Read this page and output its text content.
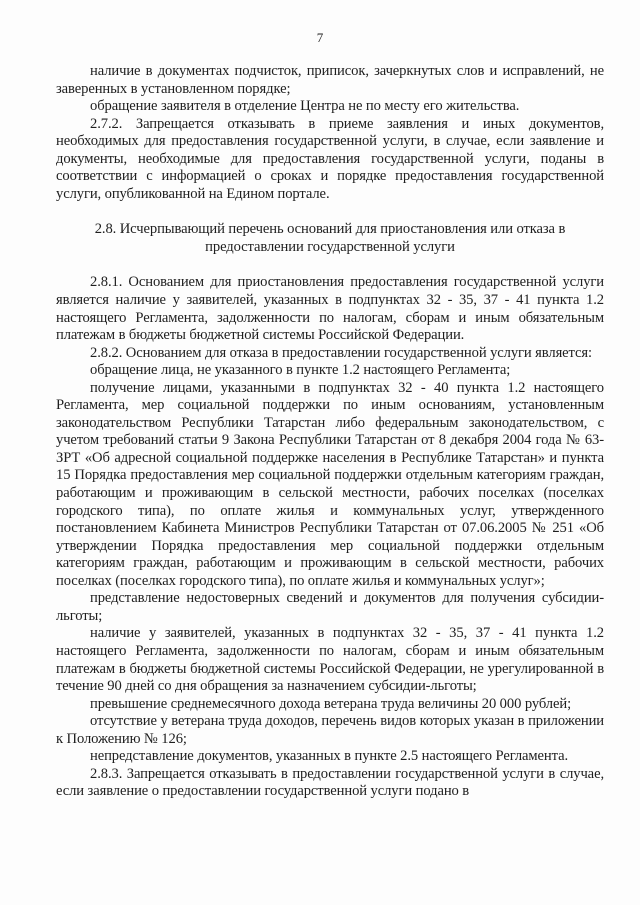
7

наличие в документах подчисток, приписок, зачеркнутых слов и исправлений, не заверенных в установленном порядке;

обращение заявителя в отделение Центра не по месту его жительства.

2.7.2. Запрещается отказывать в приеме заявления и иных документов, необходимых для предоставления государственной услуги, в случае, если заявление и документы, необходимые для предоставления государственной услуги, поданы в соответствии с информацией о сроках и порядке предоставления государственной услуги, опубликованной на Едином портале.

2.8. Исчерпывающий перечень оснований для приостановления или отказа в предоставлении государственной услуги

2.8.1. Основанием для приостановления предоставления государственной услуги является наличие у заявителей, указанных в подпунктах 32 - 35, 37 - 41 пункта 1.2 настоящего Регламента, задолженности по налогам, сборам и иным обязательным платежам в бюджеты бюджетной системы Российской Федерации.

2.8.2. Основанием для отказа в предоставлении государственной услуги является:

обращение лица, не указанного в пункте 1.2 настоящего Регламента;

получение лицами, указанными в подпунктах 32 - 40 пункта 1.2 настоящего Регламента, мер социальной поддержки по иным основаниям, установленным законодательством Республики Татарстан либо федеральным законодательством, с учетом требований статьи 9 Закона Республики Татарстан от 8 декабря 2004 года № 63-ЗРТ «Об адресной социальной поддержке населения в Республике Татарстан» и пункта 15 Порядка предоставления мер социальной поддержки отдельным категориям граждан, работающим и проживающим в сельской местности, рабочих поселках (поселках городского типа), по оплате жилья и коммунальных услуг, утвержденного постановлением Кабинета Министров Республики Татарстан от 07.06.2005 № 251 «Об утверждении Порядка предоставления мер социальной поддержки отдельным категориям граждан, работающим и проживающим в сельской местности, рабочих поселках (поселках городского типа), по оплате жилья и коммунальных услуг»;

представление недостоверных сведений и документов для получения субсидии-льготы;

наличие у заявителей, указанных в подпунктах 32 - 35, 37 - 41 пункта 1.2 настоящего Регламента, задолженности по налогам, сборам и иным обязательным платежам в бюджеты бюджетной системы Российской Федерации, не урегулированной в течение 90 дней со дня обращения за назначением субсидии-льготы;

превышение среднемесячного дохода ветерана труда величины 20 000 рублей;

отсутствие у ветерана труда доходов, перечень видов которых указан в приложении к Положению № 126;

непредставление документов, указанных в пункте 2.5 настоящего Регламента.

2.8.3. Запрещается отказывать в предоставлении государственной услуги в случае, если заявление о предоставлении государственной услуги подано в
